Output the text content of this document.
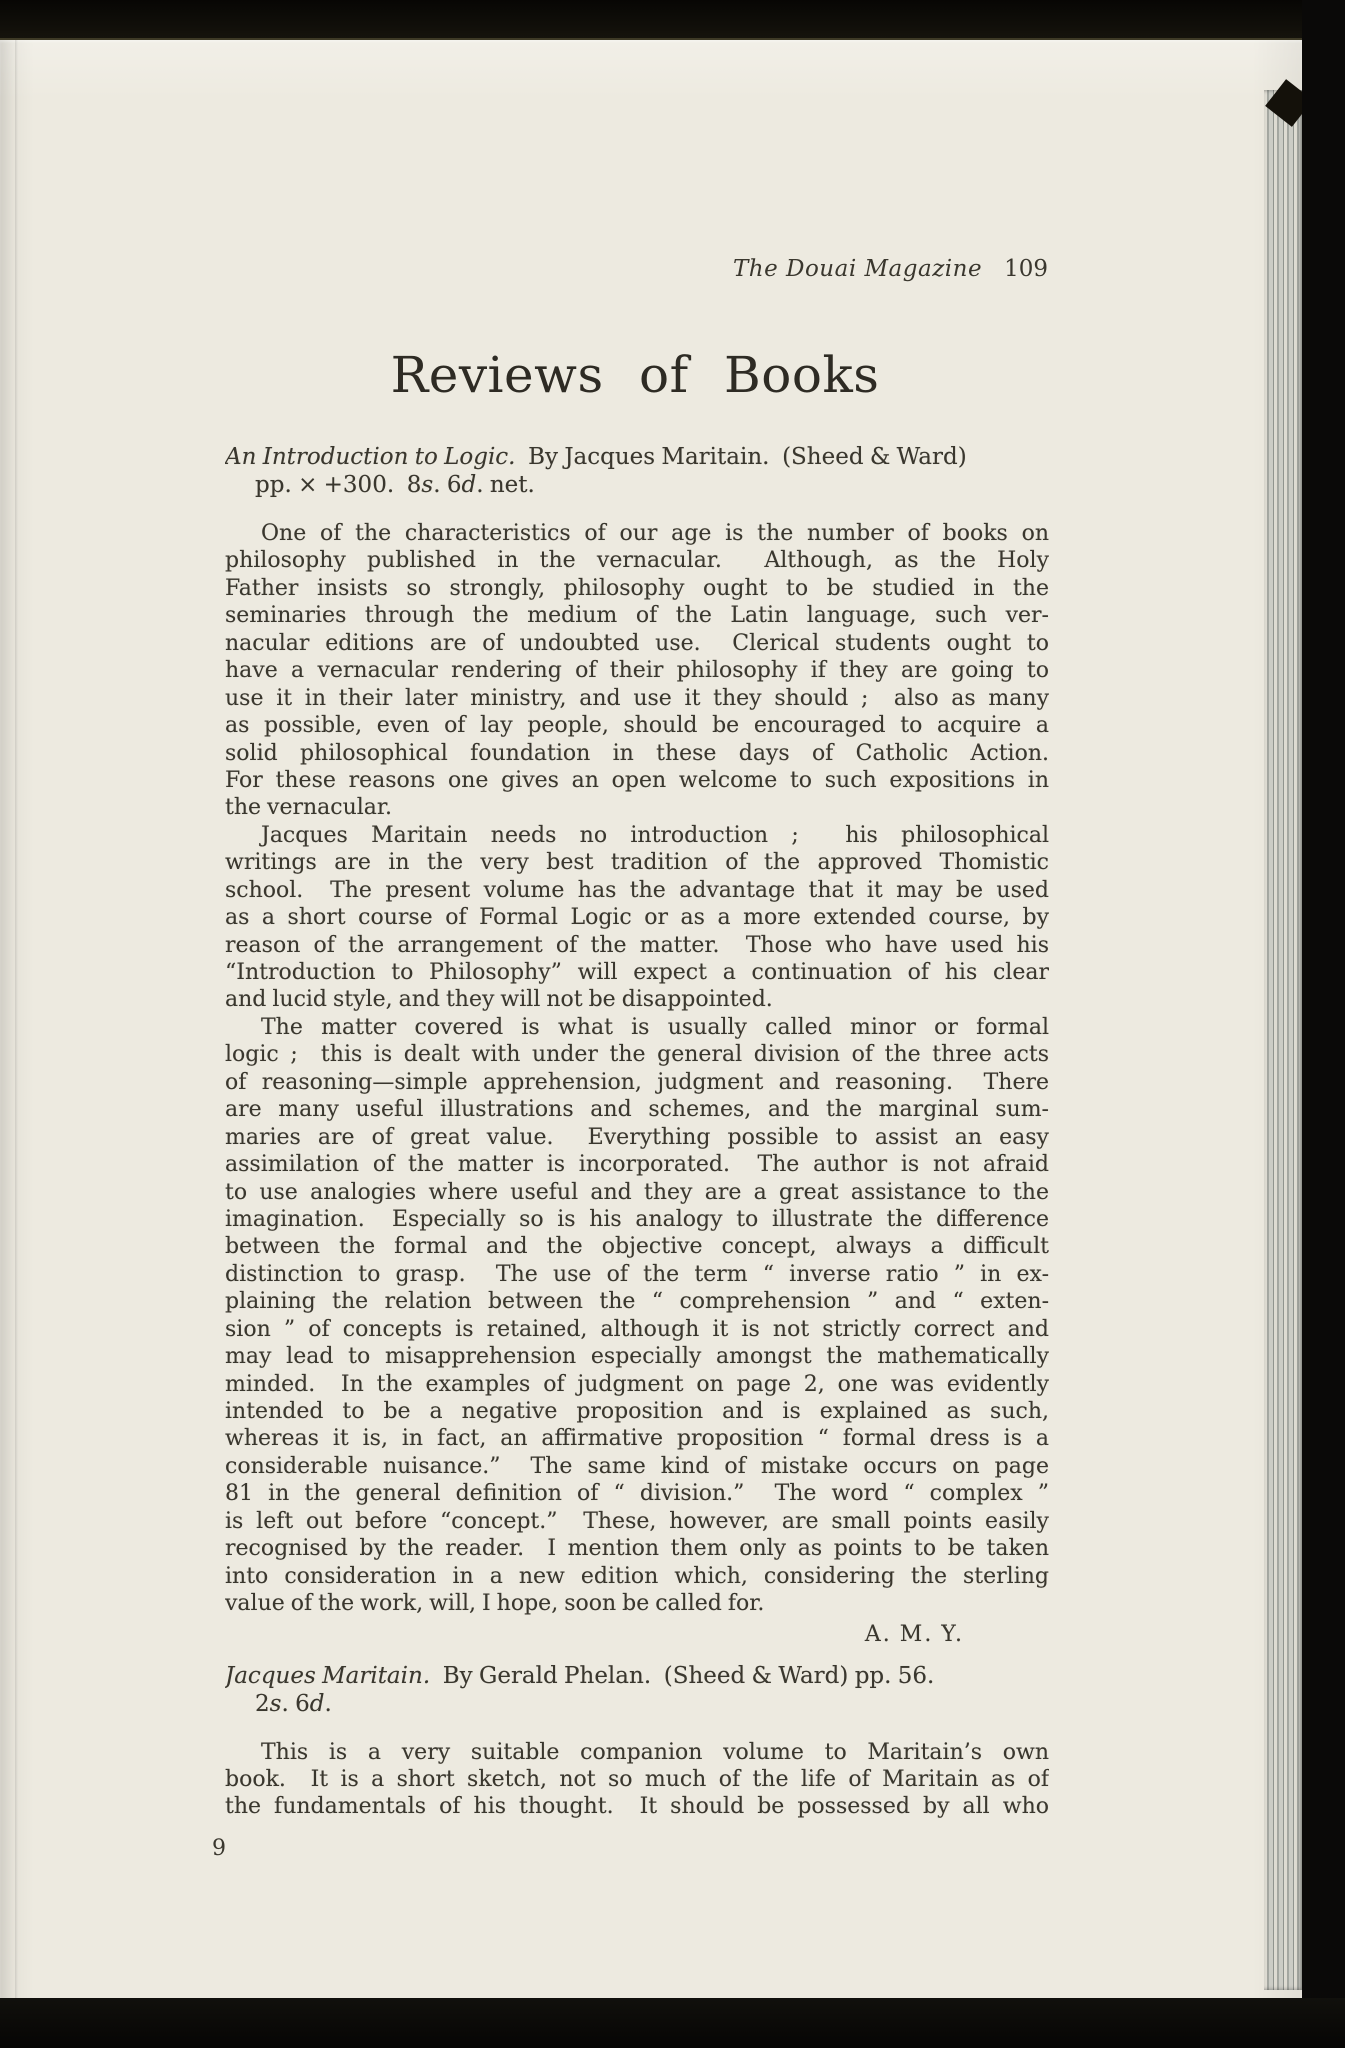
The Douai Magazine 109
Reviews of Books
An Introduction to Logic.  By Jacques Maritain.  (Sheed & Ward)
pp. × +300.  8s. 6d. net.
One of the characteristics of our age is the number of books on
philosophy published in the vernacular.  Although, as the Holy
Father insists so strongly, philosophy ought to be studied in the
seminaries through the medium of the Latin language, such ver-
nacular editions are of undoubted use.  Clerical students ought to
have a vernacular rendering of their philosophy if they are going to
use it in their later ministry, and use it they should ;  also as many
as possible, even of lay people, should be encouraged to acquire a
solid philosophical foundation in these days of Catholic Action.
For these reasons one gives an open welcome to such expositions in
the vernacular.
Jacques Maritain needs no introduction ;  his philosophical
writings are in the very best tradition of the approved Thomistic
school.  The present volume has the advantage that it may be used
as a short course of Formal Logic or as a more extended course, by
reason of the arrangement of the matter.  Those who have used his
“Introduction to Philosophy” will expect a continuation of his clear
and lucid style, and they will not be disappointed.
The matter covered is what is usually called minor or formal
logic ;  this is dealt with under the general division of the three acts
of reasoning—simple apprehension, judgment and reasoning.  There
are many useful illustrations and schemes, and the marginal sum-
maries are of great value.  Everything possible to assist an easy
assimilation of the matter is incorporated.  The author is not afraid
to use analogies where useful and they are a great assistance to the
imagination.  Especially so is his analogy to illustrate the difference
between the formal and the objective concept, always a difficult
distinction to grasp.  The use of the term “ inverse ratio ” in ex-
plaining the relation between the “ comprehension ” and “ exten-
sion ” of concepts is retained, although it is not strictly correct and
may lead to misapprehension especially amongst the mathematically
minded.  In the examples of judgment on page 2, one was evidently
intended to be a negative proposition and is explained as such,
whereas it is, in fact, an affirmative proposition “ formal dress is a
considerable nuisance.”  The same kind of mistake occurs on page
81 in the general definition of “ division.”  The word “ complex ”
is left out before “concept.”  These, however, are small points easily
recognised by the reader.  I mention them only as points to be taken
into consideration in a new edition which, considering the sterling
value of the work, will, I hope, soon be called for.
A. M. Y.
Jacques Maritain.  By Gerald Phelan.  (Sheed & Ward) pp. 56.
2s. 6d.
This is a very suitable companion volume to Maritain’s own
book.  It is a short sketch, not so much of the life of Maritain as of
the fundamentals of his thought.  It should be possessed by all who
9
